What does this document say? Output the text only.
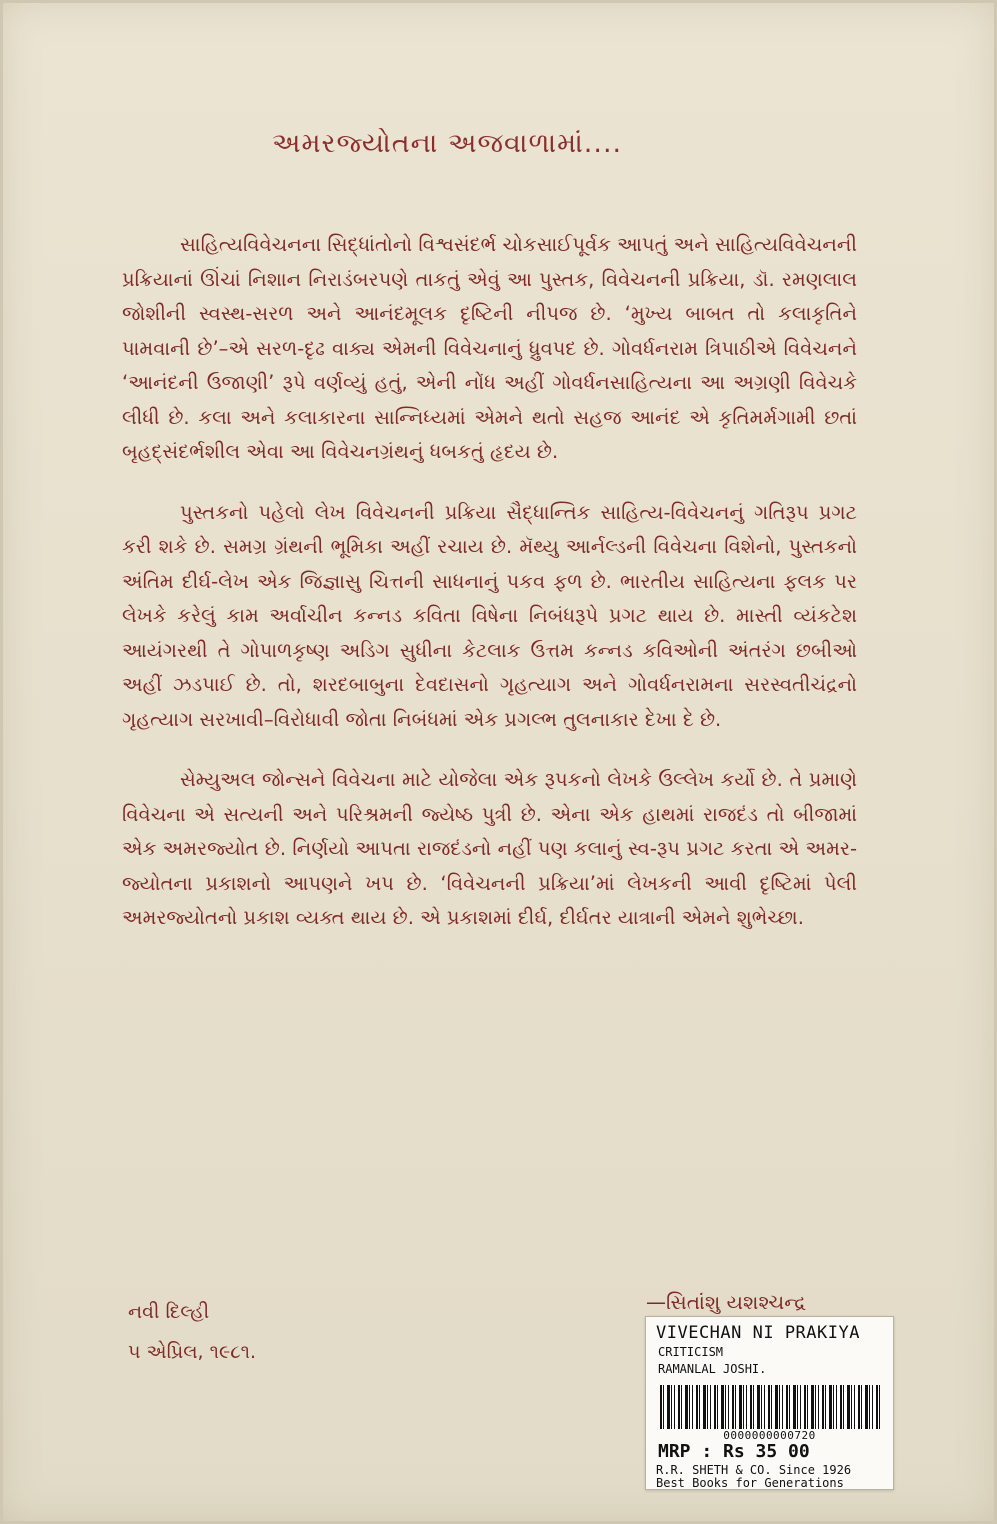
અમરજ્યોતના અજવાળામાં....

સાહિત્યવિવેચનના સિદ્ધાંતોનો વિશ્વસંદર્ભ ચોકસાઈપૂર્વક આપતું અને સાહિત્યવિવેચનની પ્રક્રિયાનાં ઊંચાં નિશાન નિરાડંબરપણે તાકતું એવું આ પુસ્તક, વિવેચનની પ્રક્રિયા, ડૉ. રમણલાલ જોશીની સ્વસ્થ-સરળ અને આનંદમૂલક દૃષ્ટિની નીપજ છે. ‘મુખ્ય બાબત તો કલાકૃતિને પામવાની છે’–એ સરળ-દૃઢ વાક્ય એમની વિવેચનાનું ધ્રુવપદ છે. ગોવર્ધનરામ ત્રિપાઠીએ વિવેચનને ‘આનંદની ઉજાણી’ રૂપે વર્ણવ્યું હતું, એની નોંધ અહીં ગોવર્ધનસાહિત્યના આ અગ્રણી વિવેચકે લીધી છે. કલા અને કલાકારના સાન્નિધ્યમાં એમને થતો સહજ આનંદ એ કૃતિમર્મગામી છતાં બૃહદ્સંદર્ભશીલ એવા આ વિવેચનગ્રંથનું ધબકતું હૃદય છે.

પુસ્તકનો પહેલો લેખ વિવેચનની પ્રક્રિયા સૈદ્ધાન્તિક સાહિત્ય-વિવેચનનું ગતિરૂપ પ્રગટ કરી શકે છે. સમગ્ર ગ્રંથની ભૂમિકા અહીં રચાય છે. મૅથ્યુ આર્નલ્ડની વિવેચના વિશેનો, પુસ્તકનો અંતિમ દીર્ઘ-લેખ એક જિજ્ઞાસુ ચિત્તની સાધનાનું પકવ ફળ છે. ભારતીય સાહિત્યના ફલક પર લેખકે કરેલું કામ અર્વાચીન કન્નડ કવિતા વિષેના નિબંધરૂપે પ્રગટ થાય છે. માસ્તી વ્યંકટેશ આયંગરથી તે ગોપાળકૃષ્ણ અડિગ સુધીના કેટલાક ઉત્તમ કન્નડ કવિઓની અંતરંગ છબીઓ અહીં ઝડપાઈ છે. તો, શરદબાબુના દેવદાસનો ગૃહત્યાગ અને ગોવર્ધનરામના સરસ્વતીચંદ્રનો ગૃહત્યાગ સરખાવી–વિરોધાવી જોતા નિબંધમાં એક પ્રગલ્ભ તુલનાકાર દેખા દે છે.

સેમ્યુઅલ જોન્સને વિવેચના માટે યોજેલા એક રૂપકનો લેખકે ઉલ્લેખ કર્યો છે. તે પ્રમાણે વિવેચના એ સત્યની અને પરિશ્રમની જ્યેષ્ઠ પુત્રી છે. એના એક હાથમાં રાજદંડ તો બીજામાં એક અમરજ્યોત છે. નિર્ણયો આપતા રાજદંડનો નહીં પણ કલાનું સ્વ-રૂપ પ્રગટ કરતા એ અમર-જ્યોતના પ્રકાશનો આપણને ખપ છે. ‘વિવેચનની પ્રક્રિયા’માં લેખકની આવી દૃષ્ટિમાં પેલી અમરજ્યોતનો પ્રકાશ વ્યક્ત થાય છે. એ પ્રકાશમાં દીર્ઘ, દીર્ઘતર યાત્રાની એમને શુભેચ્છા.

નવી દિલ્હી
૫ એપ્રિલ, ૧૯૮૧.
—સિતાંશુ યશશ્ચન્દ્ર
VIVECHAN NI PRAKIYA
CRITICISM
RAMANLAL JOSHI.
0000000000720
MRP : Rs 35 00
R.R. SHETH & CO. Since 1926
Best Books for Generations
